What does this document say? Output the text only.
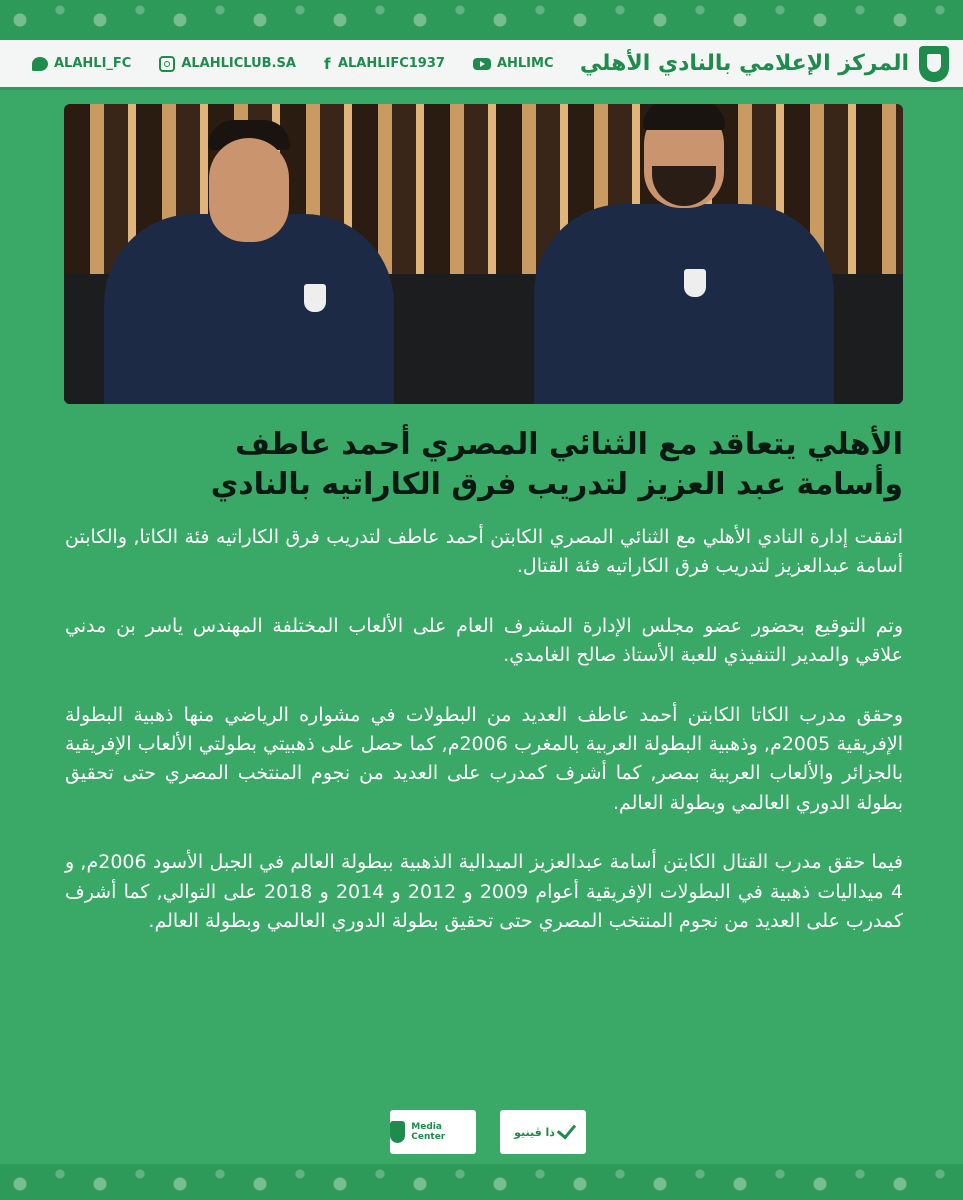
ALAHLI_FC	ALAHLICLUB.SA f ALAHLIFC1937	AHLIMC المركز الإعلامي بالنادي الأهلي
الأهلي يتعاقد مع الثنائي المصري أحمد عاطف
وأسامة عبد العزيز لتدريب فرق الكاراتيه بالنادي

اتفقت إدارة النادي الأهلي مع الثنائي المصري الكابتن أحمد عاطف لتدريب فرق الكاراتيه فئة الكاتا, والكابتن أسامة عبدالعزيز لتدريب فرق الكاراتيه فئة القتال.

وتم التوقيع بحضور عضو مجلس الإدارة المشرف العام على الألعاب المختلفة المهندس ياسر بن مدني علاقي والمدير التنفيذي للعبة الأستاذ صالح الغامدي.

وحقق مدرب الكاتا الكابتن أحمد عاطف العديد من البطولات في مشواره الرياضي منها ذهبية البطولة الإفريقية 2005م, وذهبية البطولة العربية بالمغرب 2006م, كما حصل على ذهبيتي بطولتي الألعاب الإفريقية بالجزائر والألعاب العربية بمصر, كما أشرف كمدرب على العديد من نجوم المنتخب المصري حتى تحقيق بطولة الدوري العالمي وبطولة العالم.

فيما حقق مدرب القتال الكابتن أسامة عبدالعزيز الميدالية الذهبية ببطولة العالم في الجبل الأسود 2006م, و 4 ميداليات ذهبية في البطولات الإفريقية أعوام 2009 و 2012 و 2014 و 2018 على التوالي, كما أشرف كمدرب على العديد من نجوم المنتخب المصري حتى تحقيق بطولة الدوري العالمي وبطولة العالم.

Media Center	ذا ڤينيو
